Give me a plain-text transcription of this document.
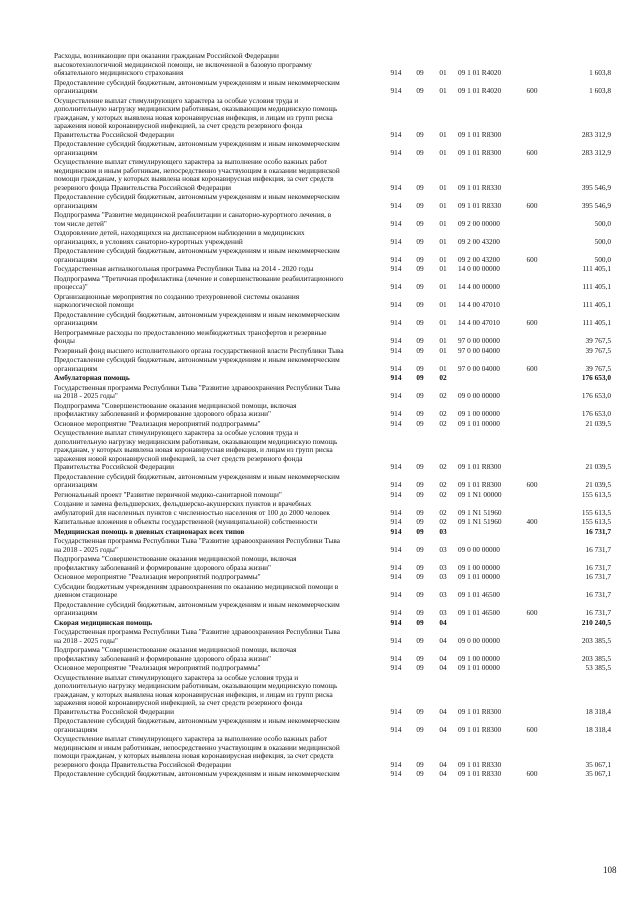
Расходы, возникающие при оказании гражданам Российской Федерации
высокотехнологичной медицинской помощи, не включенной в базовую программу
обязательного медицинского страхования	914	09	01	09 1 01 R4020	1 603,8
Предоставление субсидий бюджетным, автономным учреждениям и иным некоммерческим
организациям	914	09	01	09 1 01 R4020	600	1 603,8
Осуществление выплат стимулирующего характера за особые условия труда и
дополнительную нагрузку медицинским работникам, оказывающим медицинскую помощь
гражданам, у которых выявлена новая коронавирусная инфекция, и лицам из групп риска
заражения новой коронавирусной инфекцией, за счет средств резервного фонда
Правительства Российской Федерации	914	09	01	09 1 01 R8300	283 312,9
Предоставление субсидий бюджетным, автономным учреждениям и иным некоммерческим
организациям	914	09	01	09 1 01 R8300	600	283 312,9
Осуществление выплат стимулирующего характера за выполнение особо важных работ
медицинским и иным работникам, непосредственно участвующим в оказании медицинской
помощи гражданам, у которых выявлена новая коронавирусная инфекция, за счет средств
резервного фонда Правительства Российской Федерации	914	09	01	09 1 01 R8330	395 546,9
Предоставление субсидий бюджетным, автономным учреждениям и иным некоммерческим
организациям	914	09	01	09 1 01 R8330	600	395 546,9
Подпрограмма "Развитие медицинской реабилитации и санаторно-курортного лечения, в
том числе детей"	914	09	01	09 2 00 00000	500,0
Оздоровление детей, находящихся на диспансерном наблюдении в медицинских
организациях, в условиях санаторно-курортных учреждений	914	09	01	09 2 00 43200	500,0
Предоставление субсидий бюджетным, автономным учреждениям и иным некоммерческим
организациям	914	09	01	09 2 00 43200	600	500,0
Государственная антиалкогольная программа Республики Тыва на 2014 - 2020 годы	914	09	01	14 0 00 00000	111 405,1
Подпрограмма "Третичная профилактика (лечение и совершенствование реабилитационного
процесса)"	914	09	01	14 4 00 00000	111 405,1
Организационные мероприятия по созданию трехуровневой системы оказания
наркологической помощи	914	09	01	14 4 00 47010	111 405,1
Предоставление субсидий бюджетным, автономным учреждениям и иным некоммерческим
организациям	914	09	01	14 4 00 47010	600	111 405,1
Непрограммные расходы по предоставлению межбюджетных трансфертов и резервные
фонды	914	09	01	97 0 00 00000	39 767,5
Резервный фонд высшего исполнительного органа государственной власти Республики Тыва	914	09	01	97 0 00 04000	39 767,5
Предоставление субсидий бюджетным, автономным учреждениям и иным некоммерческим
организациям	914	09	01	97 0 00 04000	600	39 767,5
Амбулаторная помощь	914	09	02	176 653,0
Государственная программа Республики Тыва "Развитие здравоохранения Республики Тыва
на 2018 - 2025 годы"	914	09	02	09 0 00 00000	176 653,0
Подпрограмма "Совершенствование оказания медицинской помощи, включая
профилактику заболеваний и формирование здорового образа жизни"	914	09	02	09 1 00 00000	176 653,0
Основное мероприятие "Реализация мероприятий подпрограммы"	914	09	02	09 1 01 00000	21 039,5
Осуществление выплат стимулирующего характера за особые условия труда и
дополнительную нагрузку медицинским работникам, оказывающим медицинскую помощь
гражданам, у которых выявлена новая коронавирусная инфекция, и лицам из групп риска
заражения новой коронавирусной инфекцией, за счет средств резервного фонда
Правительства Российской Федерации	914	09	02	09 1 01 R8300	21 039,5
Предоставление субсидий бюджетным, автономным учреждениям и иным некоммерческим
организациям	914	09	02	09 1 01 R8300	600	21 039,5
Региональный проект "Развитие первичной медико-санитарной помощи"	914	09	02	09 1 N1 00000	155 613,5
Создание и замена фельдшерских, фельдшерско-акушерских пунктов и врачебных
амбулаторий для населенных пунктов с численностью населения от 100 до 2000 человек	914	09	02	09 1 N1 51960	155 613,5
Капитальные вложения в объекты государственной (муниципальной) собственности	914	09	02	09 1 N1 51960	400	155 613,5
Медицинская помощь в дневных стационарах всех типов	914	09	03	16 731,7
Государственная программа Республики Тыва "Развитие здравоохранения Республики Тыва
на 2018 - 2025 годы"	914	09	03	09 0 00 00000	16 731,7
Подпрограмма "Совершенствование оказания медицинской помощи, включая
профилактику заболеваний и формирование здорового образа жизни"	914	09	03	09 1 00 00000	16 731,7
Основное мероприятие "Реализация мероприятий подпрограммы"	914	09	03	09 1 01 00000	16 731,7
Субсидии бюджетным учреждениям здравоохранения по оказанию медицинской помощи в
дневном стационаре	914	09	03	09 1 01 46500	16 731,7
Предоставление субсидий бюджетным, автономным учреждениям и иным некоммерческим
организациям	914	09	03	09 1 01 46500	600	16 731,7
Скорая медицинская помощь	914	09	04	210 240,5
Государственная программа Республики Тыва "Развитие здравоохранения Республики Тыва
на 2018 - 2025 годы"	914	09	04	09 0 00 00000	203 385,5
Подпрограмма "Совершенствование оказания медицинской помощи, включая
профилактику заболеваний и формирование здорового образа жизни"	914	09	04	09 1 00 00000	203 385,5
Основное мероприятие "Реализация мероприятий подпрограммы"	914	09	04	09 1 01 00000	53 385,5
Осуществление выплат стимулирующего характера за особые условия труда и
дополнительную нагрузку медицинским работникам, оказывающим медицинскую помощь
гражданам, у которых выявлена новая коронавирусная инфекция, и лицам из групп риска
заражения новой коронавирусной инфекцией, за счет средств резервного фонда
Правительства Российской Федерации	914	09	04	09 1 01 R8300	18 318,4
Предоставление субсидий бюджетным, автономным учреждениям и иным некоммерческим
организациям	914	09	04	09 1 01 R8300	600	18 318,4
Осуществление выплат стимулирующего характера за выполнение особо важных работ
медицинским и иным работникам, непосредственно участвующим в оказании медицинской
помощи гражданам, у которых выявлена новая коронавирусная инфекция, за счет средств
резервного фонда Правительства Российской Федерации	914	09	04	09 1 01 R8330	35 067,1
Предоставление субсидий бюджетным, автономным учреждениям и иным некоммерческим	914	09	04	09 1 01 R8330	600	35 067,1
108
